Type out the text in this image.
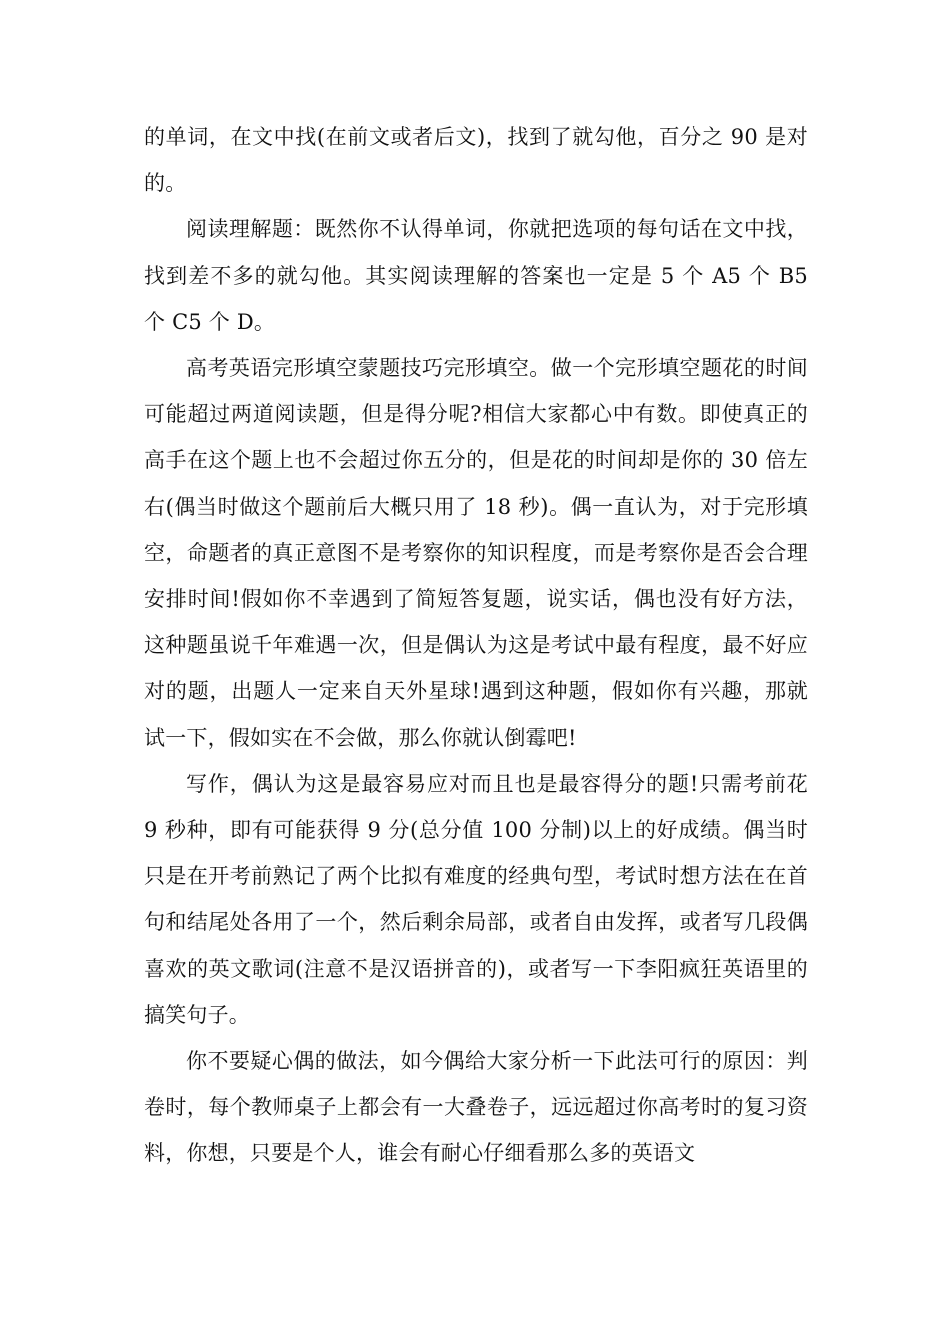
的单词，在文中找(在前文或者后文)，找到了就勾他，百分之 90 是对的。

阅读理解题：既然你不认得单词，你就把选项的每句话在文中找，找到差不多的就勾他。其实阅读理解的答案也一定是 5 个 A5 个 B5 个 C5 个 D。

高考英语完形填空蒙题技巧完形填空。做一个完形填空题花的时间可能超过两道阅读题，但是得分呢?相信大家都心中有数。即使真正的高手在这个题上也不会超过你五分的，但是花的时间却是你的 30 倍左右(偶当时做这个题前后大概只用了 18 秒)。偶一直认为，对于完形填空，命题者的真正意图不是考察你的知识程度，而是考察你是否会合理安排时间!假如你不幸遇到了简短答复题，说实话，偶也没有好方法，这种题虽说千年难遇一次，但是偶认为这是考试中最有程度，最不好应对的题，出题人一定来自天外星球!遇到这种题，假如你有兴趣，那就试一下，假如实在不会做，那么你就认倒霉吧!

写作，偶认为这是最容易应对而且也是最容得分的题!只需考前花 9 秒种，即有可能获得 9 分(总分值 100 分制)以上的好成绩。偶当时只是在开考前熟记了两个比拟有难度的经典句型，考试时想方法在在首句和结尾处各用了一个，然后剩余局部，或者自由发挥，或者写几段偶喜欢的英文歌词(注意不是汉语拼音的)，或者写一下李阳疯狂英语里的搞笑句子。

你不要疑心偶的做法，如今偶给大家分析一下此法可行的原因：判卷时，每个教师桌子上都会有一大叠卷子，远远超过你高考时的复习资料，你想，只要是个人，谁会有耐心仔细看那么多的英语文
